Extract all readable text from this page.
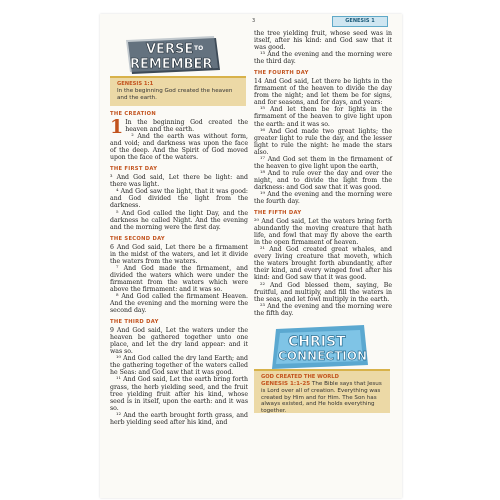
3	GENESIS 1
VERSE TO
REMEMBER
GENESIS 1:1
In the beginning God created the heaven and the earth.
THE CREATION

1 In the beginning God created the heaven and the earth.

² And the earth was without form, and void; and darkness was upon the face of the deep. And the Spirit of God moved upon the face of the waters.

THE FIRST DAY

³ And God said, Let there be light: and there was light.

⁴ And God saw the light, that it was good: and God divided the light from the darkness.

⁵ And God called the light Day, and the darkness he called Night. And the evening and the morning were the first day.

THE SECOND DAY

6 And God said, Let there be a firmament in the midst of the waters, and let it divide the waters from the waters.

⁷ And God made the firmament, and divided the waters which were under the firmament from the waters which were above the firmament: and it was so.

⁸ And God called the firmament Heaven. And the evening and the morning were the second day.

THE THIRD DAY

9 And God said, Let the waters under the heaven be gathered together unto one place, and let the dry land appear: and it was so.

¹⁰ And God called the dry land Earth; and the gathering together of the waters called he Seas: and God saw that it was good.

¹¹ And God said, Let the earth bring forth grass, the herb yielding seed, and the fruit tree yielding fruit after his kind, whose seed is in itself, upon the earth: and it was so.

¹² And the earth brought forth grass, and herb yielding seed after his kind, and

the tree yielding fruit, whose seed was in itself, after his kind: and God saw that it was good.

¹³ And the evening and the morning were the third day.

THE FOURTH DAY

14 And God said, Let there be lights in the firmament of the heaven to divide the day from the night; and let them be for signs, and for seasons, and for days, and years:

¹⁵ And let them be for lights in the firmament of the heaven to give light upon the earth: and it was so.

¹⁶ And God made two great lights; the greater light to rule the day, and the lesser light to rule the night: he made the stars also.

¹⁷ And God set them in the firmament of the heaven to give light upon the earth,

¹⁸ And to rule over the day and over the night, and to divide the light from the darkness: and God saw that it was good.

¹⁹ And the evening and the morning were the fourth day.

THE FIFTH DAY

²⁰ And God said, Let the waters bring forth abundantly the moving creature that hath life, and fowl that may fly above the earth in the open firmament of heaven.

²¹ And God created great whales, and every living creature that moveth, which the waters brought forth abundantly, after their kind, and every winged fowl after his kind: and God saw that it was good.

²² And God blessed them, saying, Be fruitful, and multiply, and fill the waters in the seas, and let fowl multiply in the earth.

²³ And the evening and the morning were the fifth day.

CHRIST
CONNECTION
GOD CREATED THE WORLD
GENESIS 1:1-25 The Bible says that Jesus is Lord over all of creation. Everything was created by Him and for Him. The Son has always existed, and He holds everything together.
